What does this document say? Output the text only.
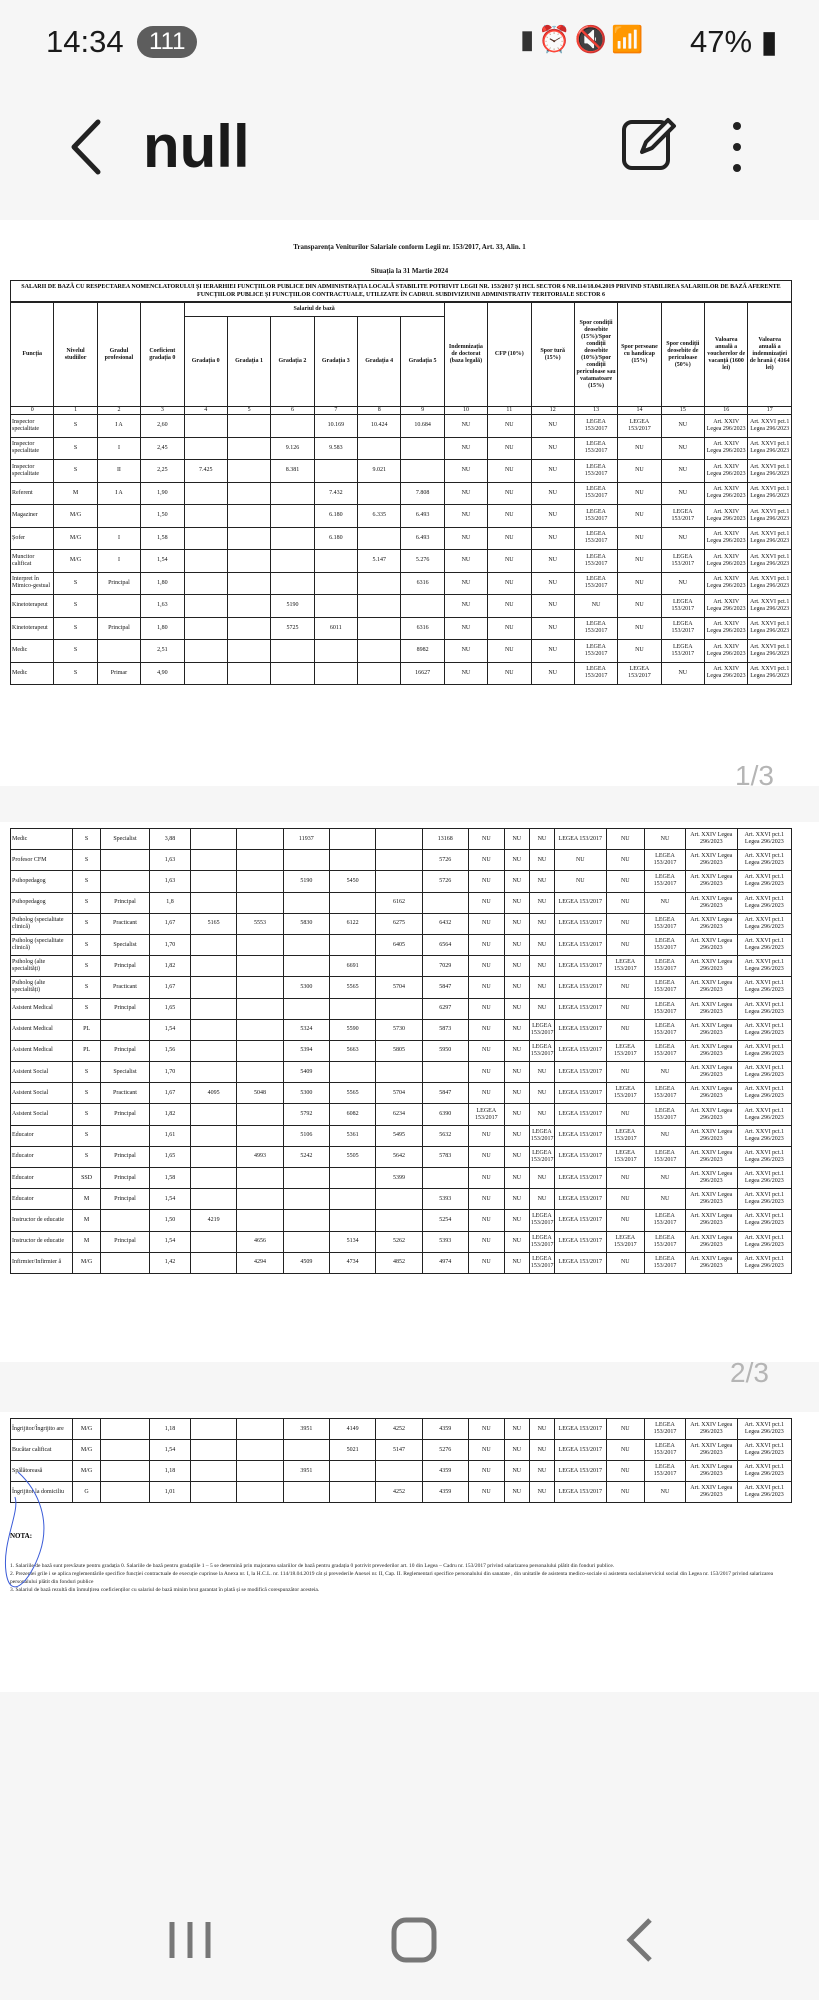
14:34	111	▮⏰🔇📶 47% ▮
null
Transparența Veniturilor Salariale conform Legii nr. 153/2017, Art. 33, Alin. 1
Situația la 31 Martie 2024
SALARII DE BAZĂ CU RESPECTAREA NOMENCLATORULUI ȘI IERARHIEI FUNCȚIILOR PUBLICE DIN ADMINISTRAȚIA LOCALĂ STABILITE POTRIVIT LEGII NR. 153/2017 ȘI HCL SECTOR 6 NR.114/18.04.2019 PRIVIND STABILIREA SALARIILOR DE BAZĂ AFERENTE FUNCȚIILOR PUBLICE ȘI FUNCȚIILOR CONTRACTUALE, UTILIZATE ÎN CADRUL SUBDIVIZIUNII ADMINISTRATIV TERITORIALE SECTOR 6
Funcția	Nivelul studiilor	Gradul profesional	Coeficient gradația 0	Salariul de bază						Indemnizația de doctorat (baza legală)	CFP (10%)	Spor tură (15%)	Spor condiții deosebite (15%)/Spor condiții deosebite (10%)/Spor condiții periculoase sau vatamatoare (15%)	Spor persoane cu handicap (15%)	Spor condiții deosebite de periculoase (50%)	Valoarea anuală a voucherelor de vacanță (1600 lei)	Valoarea anuală a indemnizației de hrană ( 4164 lei)
				Gradația 0	Gradația 1	Gradația 2	Gradația 3	Gradația 4	Gradația 5								
0	1	2	3	4	5	6	7	8	9	10	11	12	13	14	15	16	17
Inspector specialitate	S	I A	2,60				10.169	10.424	10.684	NU	NU	NU	LEGEA 153/2017	LEGEA 153/2017	NU	Art. XXIV Legea 296/2023	Art. XXVI pct.1 Legea 296/2023
Inspector specialitate	S	I	2,45			9.126	9.583			NU	NU	NU	LEGEA 153/2017	NU	NU	Art. XXIV Legea 296/2023	Art. XXVI pct.1 Legea 296/2023
Inspector specialitate	S	II	2,25	7.425		8.381		9.021		NU	NU	NU	LEGEA 153/2017	NU	NU	Art. XXIV Legea 296/2023	Art. XXVI pct.1 Legea 296/2023
Referent	M	I A	1,90				7.432		7.808	NU	NU	NU	LEGEA 153/2017	NU	NU	Art. XXIV Legea 296/2023	Art. XXVI pct.1 Legea 296/2023
Magaziner	M/G		1,50				6.180	6.335	6.493	NU	NU	NU	LEGEA 153/2017	NU	LEGEA 153/2017	Art. XXIV Legea 296/2023	Art. XXVI pct.1 Legea 296/2023
Șofer	M/G	I	1,58				6.180		6.493	NU	NU	NU	LEGEA 153/2017	NU	NU	Art. XXIV Legea 296/2023	Art. XXVI pct.1 Legea 296/2023
Muncitor calificat	M/G	I	1,54					5.147	5.276	NU	NU	NU	LEGEA 153/2017	NU	LEGEA 153/2017	Art. XXIV Legea 296/2023	Art. XXVI pct.1 Legea 296/2023
Interpret în Mimico-gestual	S	Principal	1,80						6316	NU	NU	NU	LEGEA 153/2017	NU	NU	Art. XXIV Legea 296/2023	Art. XXVI pct.1 Legea 296/2023
Kinetoterapeut	S		1,63			5190				NU	NU	NU	NU	NU	LEGEA 153/2017	Art. XXIV Legea 296/2023	Art. XXVI pct.1 Legea 296/2023
Kinetoterapeut	S	Principal	1,80			5725	6011		6316	NU	NU	NU	LEGEA 153/2017	NU	LEGEA 153/2017	Art. XXIV Legea 296/2023	Art. XXVI pct.1 Legea 296/2023
Medic	S		2,51						8982	NU	NU	NU	LEGEA 153/2017	NU	LEGEA 153/2017	Art. XXIV Legea 296/2023	Art. XXVI pct.1 Legea 296/2023
Medic	S	Primar	4,90						16627	NU	NU	NU	LEGEA 153/2017	LEGEA 153/2017	NU	Art. XXIV Legea 296/2023	Art. XXVI pct.1 Legea 296/2023
1/3
Medic	S	Specialist	3,88			11937			13168	NU	NU	NU	LEGEA 153/2017	NU	NU	Art. XXIV Legea 296/2023	Art. XXVI pct.1 Legea 296/2023
Profesor CFM	S		1,63						5726	NU	NU	NU	NU	NU	LEGEA 153/2017	Art. XXIV Legea 296/2023	Art. XXVI pct.1 Legea 296/2023
Psihopedagog	S		1,63			5190	5450		5726	NU	NU	NU	NU	NU	LEGEA 153/2017	Art. XXIV Legea 296/2023	Art. XXVI pct.1 Legea 296/2023
Psihopedagog	S	Principal	1,8					6162		NU	NU	NU	LEGEA 153/2017	NU	NU	Art. XXIV Legea 296/2023	Art. XXVI pct.1 Legea 296/2023
Psiholog (specialitate clinică)	S	Practicant	1,67	5165	5553	5830	6122	6275	6432	NU	NU	NU	LEGEA 153/2017	NU	LEGEA 153/2017	Art. XXIV Legea 296/2023	Art. XXVI pct.1 Legea 296/2023
Psiholog (specialitate clinică)	S	Specialist	1,70					6405	6564	NU	NU	NU	LEGEA 153/2017	NU	LEGEA 153/2017	Art. XXIV Legea 296/2023	Art. XXVI pct.1 Legea 296/2023
Psiholog (alte specialități)	S	Principal	1,82				6691		7029	NU	NU	NU	LEGEA 153/2017	LEGEA 153/2017	LEGEA 153/2017	Art. XXIV Legea 296/2023	Art. XXVI pct.1 Legea 296/2023
Psiholog (alte specialități)	S	Practicant	1,67			5300	5565	5704	5847	NU	NU	NU	LEGEA 153/2017	NU	LEGEA 153/2017	Art. XXIV Legea 296/2023	Art. XXVI pct.1 Legea 296/2023
Asistent Medical	S	Principal	1,65						6297	NU	NU	NU	LEGEA 153/2017	NU	LEGEA 153/2017	Art. XXIV Legea 296/2023	Art. XXVI pct.1 Legea 296/2023
Asistent Medical	PL		1,54			5324	5590	5730	5873	NU	NU	LEGEA 153/2017	LEGEA 153/2017	NU	LEGEA 153/2017	Art. XXIV Legea 296/2023	Art. XXVI pct.1 Legea 296/2023
Asistent Medical	PL	Principal	1,56			5394	5663	5805	5950	NU	NU	LEGEA 153/2017	LEGEA 153/2017	LEGEA 153/2017	LEGEA 153/2017	Art. XXIV Legea 296/2023	Art. XXVI pct.1 Legea 296/2023
Asistent Social	S	Specialist	1,70			5409				NU	NU	NU	LEGEA 153/2017	NU	NU	Art. XXIV Legea 296/2023	Art. XXVI pct.1 Legea 296/2023
Asistent Social	S	Practicant	1,67	4095	5048	5300	5565	5704	5847	NU	NU	NU	LEGEA 153/2017	LEGEA 153/2017	LEGEA 153/2017	Art. XXIV Legea 296/2023	Art. XXVI pct.1 Legea 296/2023
Asistent Social	S	Principal	1,82			5792	6082	6234	6390	LEGEA 153/2017	NU	NU	LEGEA 153/2017	NU	LEGEA 153/2017	Art. XXIV Legea 296/2023	Art. XXVI pct.1 Legea 296/2023
Educator	S		1,61			5106	5361	5495	5632	NU	NU	LEGEA 153/2017	LEGEA 153/2017	LEGEA 153/2017	NU	Art. XXIV Legea 296/2023	Art. XXVI pct.1 Legea 296/2023
Educator	S	Principal	1,65		4993	5242	5505	5642	5783	NU	NU	LEGEA 153/2017	LEGEA 153/2017	LEGEA 153/2017	LEGEA 153/2017	Art. XXIV Legea 296/2023	Art. XXVI pct.1 Legea 296/2023
Educator	SSD	Principal	1,58					5399		NU	NU	NU	LEGEA 153/2017	NU	NU	Art. XXIV Legea 296/2023	Art. XXVI pct.1 Legea 296/2023
Educator	M	Principal	1,54						5393	NU	NU	NU	LEGEA 153/2017	NU	NU	Art. XXIV Legea 296/2023	Art. XXVI pct.1 Legea 296/2023
Instructor de educatie	M		1,50	4219					5254	NU	NU	LEGEA 153/2017	LEGEA 153/2017	NU	LEGEA 153/2017	Art. XXIV Legea 296/2023	Art. XXVI pct.1 Legea 296/2023
Instructor de educatie	M	Principal	1,54		4656		5134	5262	5393	NU	NU	LEGEA 153/2017	LEGEA 153/2017	LEGEA 153/2017	LEGEA 153/2017	Art. XXIV Legea 296/2023	Art. XXVI pct.1 Legea 296/2023
Infirmier/Infirmier ă	M/G		1,42		4294	4509	4734	4852	4974	NU	NU	LEGEA 153/2017	LEGEA 153/2017	NU	LEGEA 153/2017	Art. XXIV Legea 296/2023	Art. XXVI pct.1 Legea 296/2023
2/3
Îngrijitor/Îngrijito are	M/G		1,18			3951	4149	4252	4359	NU	NU	NU	LEGEA 153/2017	NU	LEGEA 153/2017	Art. XXIV Legea 296/2023	Art. XXVI pct.1 Legea 296/2023
Bucătar calificat	M/G		1,54				5021	5147	5276	NU	NU	NU	LEGEA 153/2017	NU	LEGEA 153/2017	Art. XXIV Legea 296/2023	Art. XXVI pct.1 Legea 296/2023
Spălătoreasă	M/G		1,18			3951			4359	NU	NU	NU	LEGEA 153/2017	NU	LEGEA 153/2017	Art. XXIV Legea 296/2023	Art. XXVI pct.1 Legea 296/2023
Îngrijitor la domiciliu	G		1,01					4252	4359	NU	NU	NU	LEGEA 153/2017	NU	NU	Art. XXIV Legea 296/2023	Art. XXVI pct.1 Legea 296/2023
NOTA:
1. Salariile de bază sunt prevăzute pentru gradația 0. Salariile de bază pentru gradațiile 1 – 5 se determină prin majorarea salariilor de bază pentru gradația 0 potrivit prevederilor art. 10 din Legea – Cadru nr. 153/2017 privind salarizarea personalului plătit din fonduri publice.
2. Prezentei grile i se aplica reglementările specifice funcției contractuale de execuție cuprinse la Anexa nr. I, la H.C.L. nr. 114/18.04.2019 cât și prevederile Anexei nr. II, Cap. II. Reglementari specifice personalului din sanatate , din unitatile de asistenta medico-sociale si asistenta sociala/serviciul social din Legea nr. 153/2017 privind salarizarea personalului plătit din fonduri publice
3. Salariul de bază rezultă din înmulțirea coeficienților cu salariul de bază minim brut garantat în plată și se modifică corespunzător acesteia.
